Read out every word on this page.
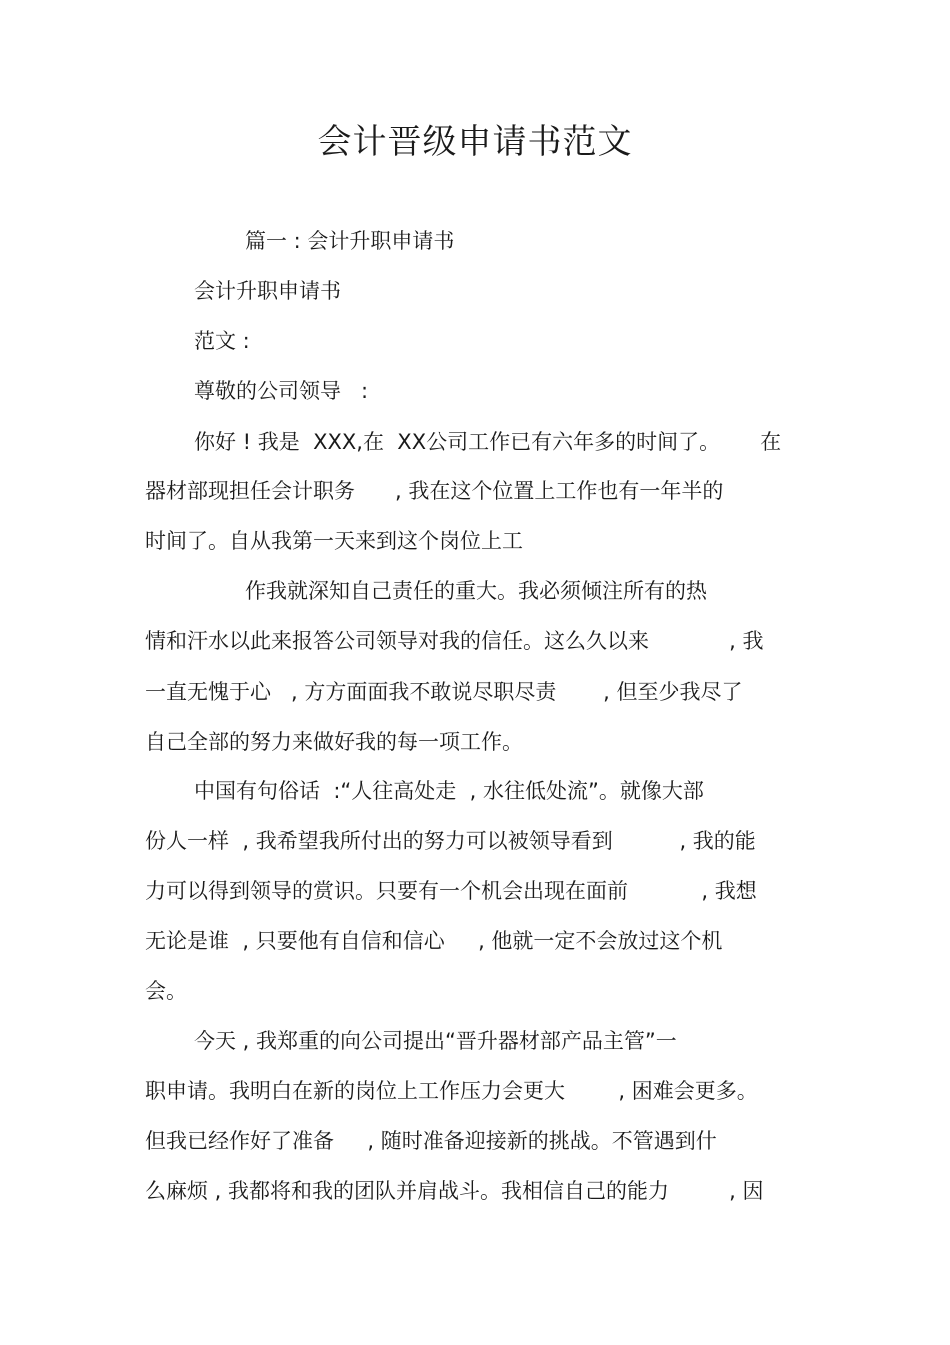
会计晋级申请书范文

篇一 : 会计升职申请书

会计升职申请书

范文 :

尊敬的公司领导   :

你好 ! 我是  XXX,在  XX公司工作已有六年多的时间了。      在

器材部现担任会计职务      , 我在这个位置上工作也有一年半的

时间了。自从我第一天来到这个岗位上工

作我就深知自己责任的重大。我必须倾注所有的热

情和汗水以此来报答公司领导对我的信任。这么久以来            , 我

一直无愧于心   , 方方面面我不敢说尽职尽责       , 但至少我尽了

自己全部的努力来做好我的每一项工作。

中国有句俗话  :“人往高处走  , 水往低处流”。就像大部

份人一样  , 我希望我所付出的努力可以被领导看到          , 我的能

力可以得到领导的赏识。只要有一个机会出现在面前           , 我想

无论是谁  , 只要他有自信和信心     , 他就一定不会放过这个机

会。

今天 , 我郑重的向公司提出“晋升器材部产品主管”一

职申请。我明白在新的岗位上工作压力会更大        , 困难会更多。

但我已经作好了准备     , 随时准备迎接新的挑战。不管遇到什

么麻烦 , 我都将和我的团队并肩战斗。我相信自己的能力         , 因
